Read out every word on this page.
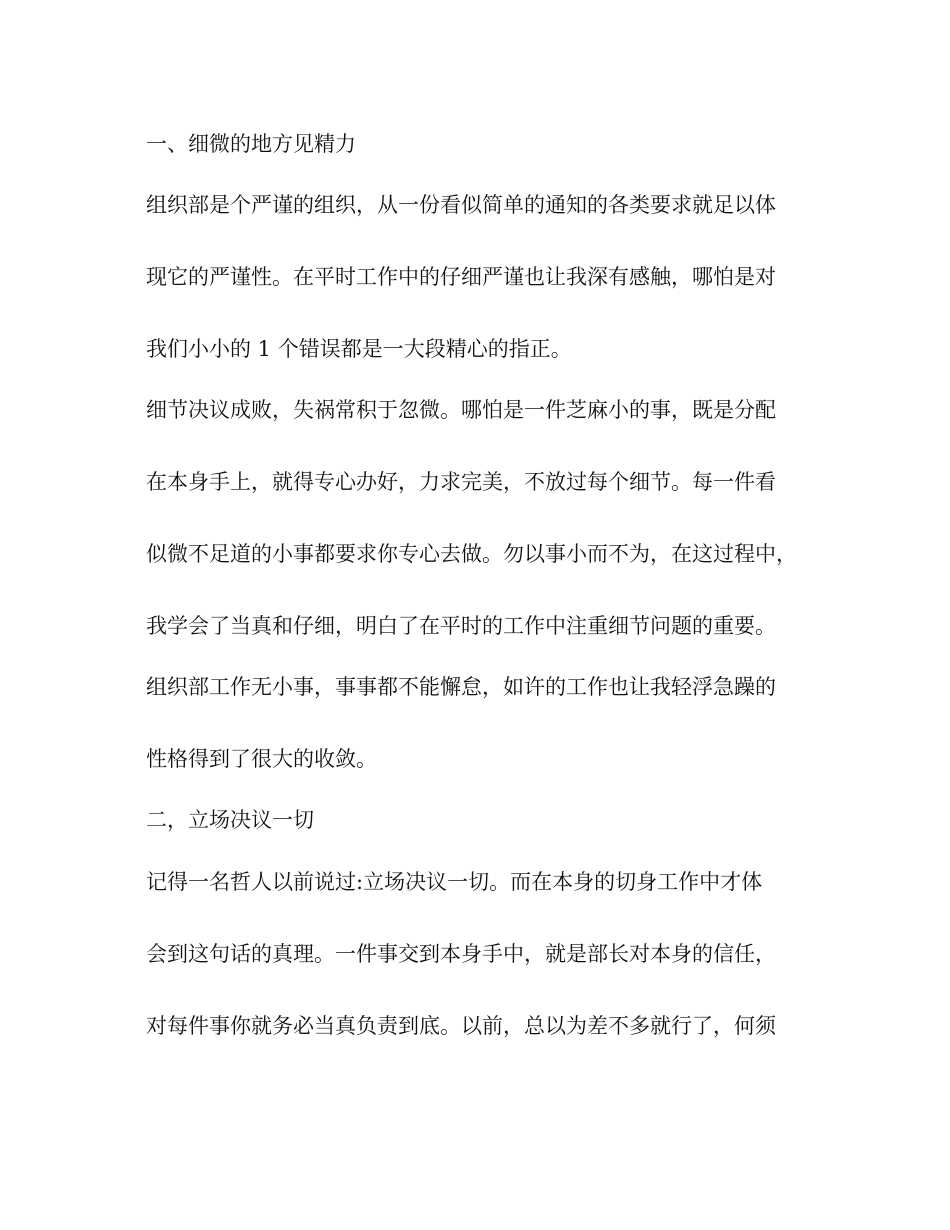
一、细微的地方见精力

组织部是个严谨的组织，从一份看似简单的通知的各类要求就足以体

现它的严谨性。在平时工作中的仔细严谨也让我深有感触，哪怕是对

我们小小的 1 个错误都是一大段精心的指正。

细节决议成败，失祸常积于忽微。哪怕是一件芝麻小的事，既是分配

在本身手上，就得专心办好，力求完美，不放过每个细节。每一件看

似微不足道的小事都要求你专心去做。勿以事小而不为，在这过程中，

我学会了当真和仔细，明白了在平时的工作中注重细节问题的重要。

组织部工作无小事，事事都不能懈怠，如许的工作也让我轻浮急躁的

性格得到了很大的收敛。

二，立场决议一切

记得一名哲人以前说过:立场决议一切。而在本身的切身工作中才体

会到这句话的真理。一件事交到本身手中，就是部长对本身的信任，

对每件事你就务必当真负责到底。以前，总以为差不多就行了，何须
